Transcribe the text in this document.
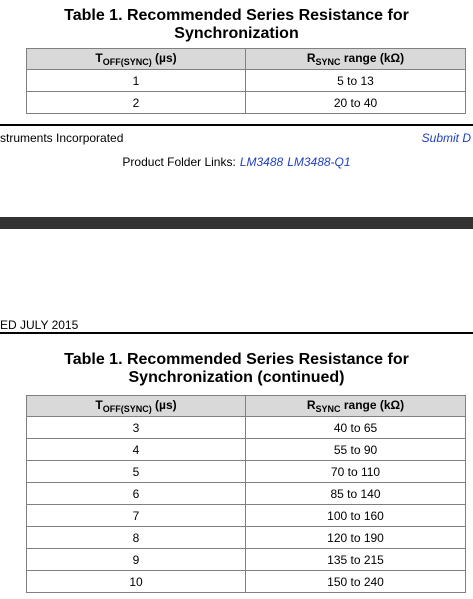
Table 1. Recommended Series Resistance for
Synchronization
$T_{OFF(SYNC)}$ (µs)	$R_{SYNC}$ range (kΩ)
1	5 to 13
2	20 to 40
struments Incorporated	Submit D
Product Folder Links: LM3488 LM3488-Q1
ED JULY 2015
Table 1. Recommended Series Resistance for
Synchronization (continued)
$T_{OFF(SYNC)}$ (µs)	$R_{SYNC}$ range (kΩ)
3	40 to 65
4	55 to 90
5	70 to 110
6	85 to 140
7	100 to 160
8	120 to 190
9	135 to 215
10	150 to 240
